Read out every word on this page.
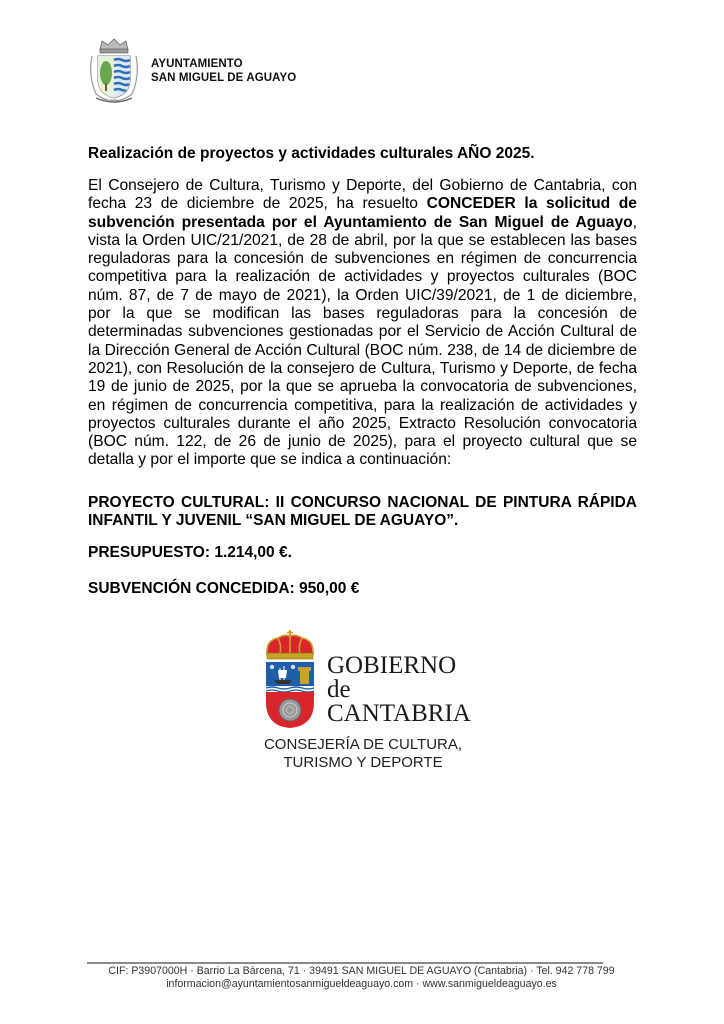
AYUNTAMIENTO
SAN MIGUEL DE AGUAYO
Realización de proyectos y actividades culturales AÑO 2025.
El Consejero de Cultura, Turismo y Deporte, del Gobierno de Cantabria, con fecha 23 de diciembre de 2025, ha resuelto CONCEDER la solicitud de subvención presentada por el Ayuntamiento de San Miguel de Aguayo, vista la Orden UIC/21/2021, de 28 de abril, por la que se establecen las bases reguladoras para la concesión de subvenciones en régimen de concurrencia competitiva para la realización de actividades y proyectos culturales (BOC núm. 87, de 7 de mayo de 2021), la Orden UIC/39/2021, de 1 de diciembre, por la que se modifican las bases reguladoras para la concesión de determinadas subvenciones gestionadas por el Servicio de Acción Cultural de la Dirección General de Acción Cultural (BOC núm. 238, de 14 de diciembre de 2021), con Resolución de la consejero de Cultura, Turismo y Deporte, de fecha 19 de junio de 2025, por la que se aprueba la convocatoria de subvenciones, en régimen de concurrencia competitiva, para la realización de actividades y proyectos culturales durante el año 2025, Extracto Resolución convocatoria (BOC núm. 122, de 26 de junio de 2025), para el proyecto cultural que se detalla y por el importe que se indica a continuación:
PROYECTO CULTURAL: II CONCURSO NACIONAL DE PINTURA RÁPIDA INFANTIL Y JUVENIL “SAN MIGUEL DE AGUAYO”.
PRESUPUESTO: 1.214,00 €.
SUBVENCIÓN CONCEDIDA: 950,00 €
GOBIERNO
de
CANTABRIA
CONSEJERÍA DE CULTURA,
TURISMO Y DEPORTE
CIF: P3907000H · Barrio La Bárcena, 71 · 39491 SAN MIGUEL DE AGUAYO (Cantabria) · Tel. 942 778 799
informacion@ayuntamientosanmigueldeaguayo.com · www.sanmigueldeaguayo.es
